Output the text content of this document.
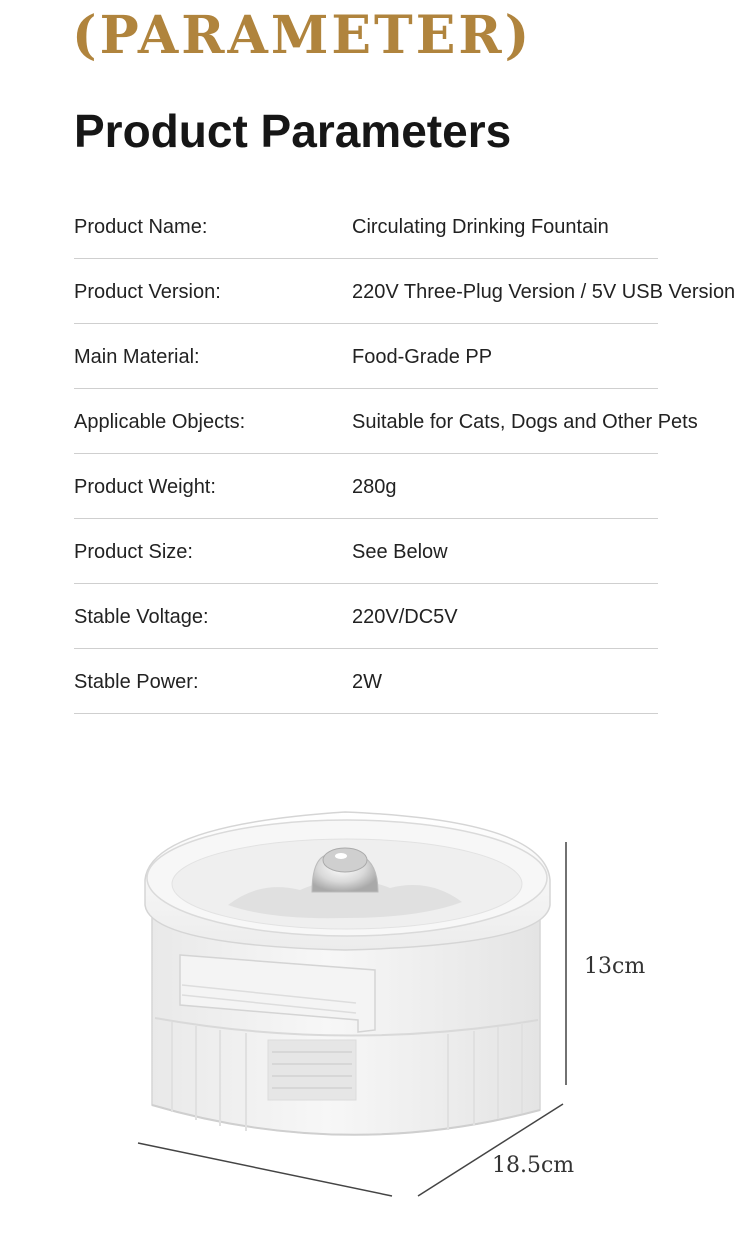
(PARAMETER)
Product Parameters
Product Name:	Circulating Drinking Fountain
Product Version:	220V Three-Plug Version / 5V USB Version
Main Material:	Food-Grade PP
Applicable Objects:	Suitable for Cats, Dogs and Other Pets
Product Weight:	280g
Product Size:	See Below
Stable Voltage:	220V/DC5V
Stable Power:	2W
13cm
18.5cm
